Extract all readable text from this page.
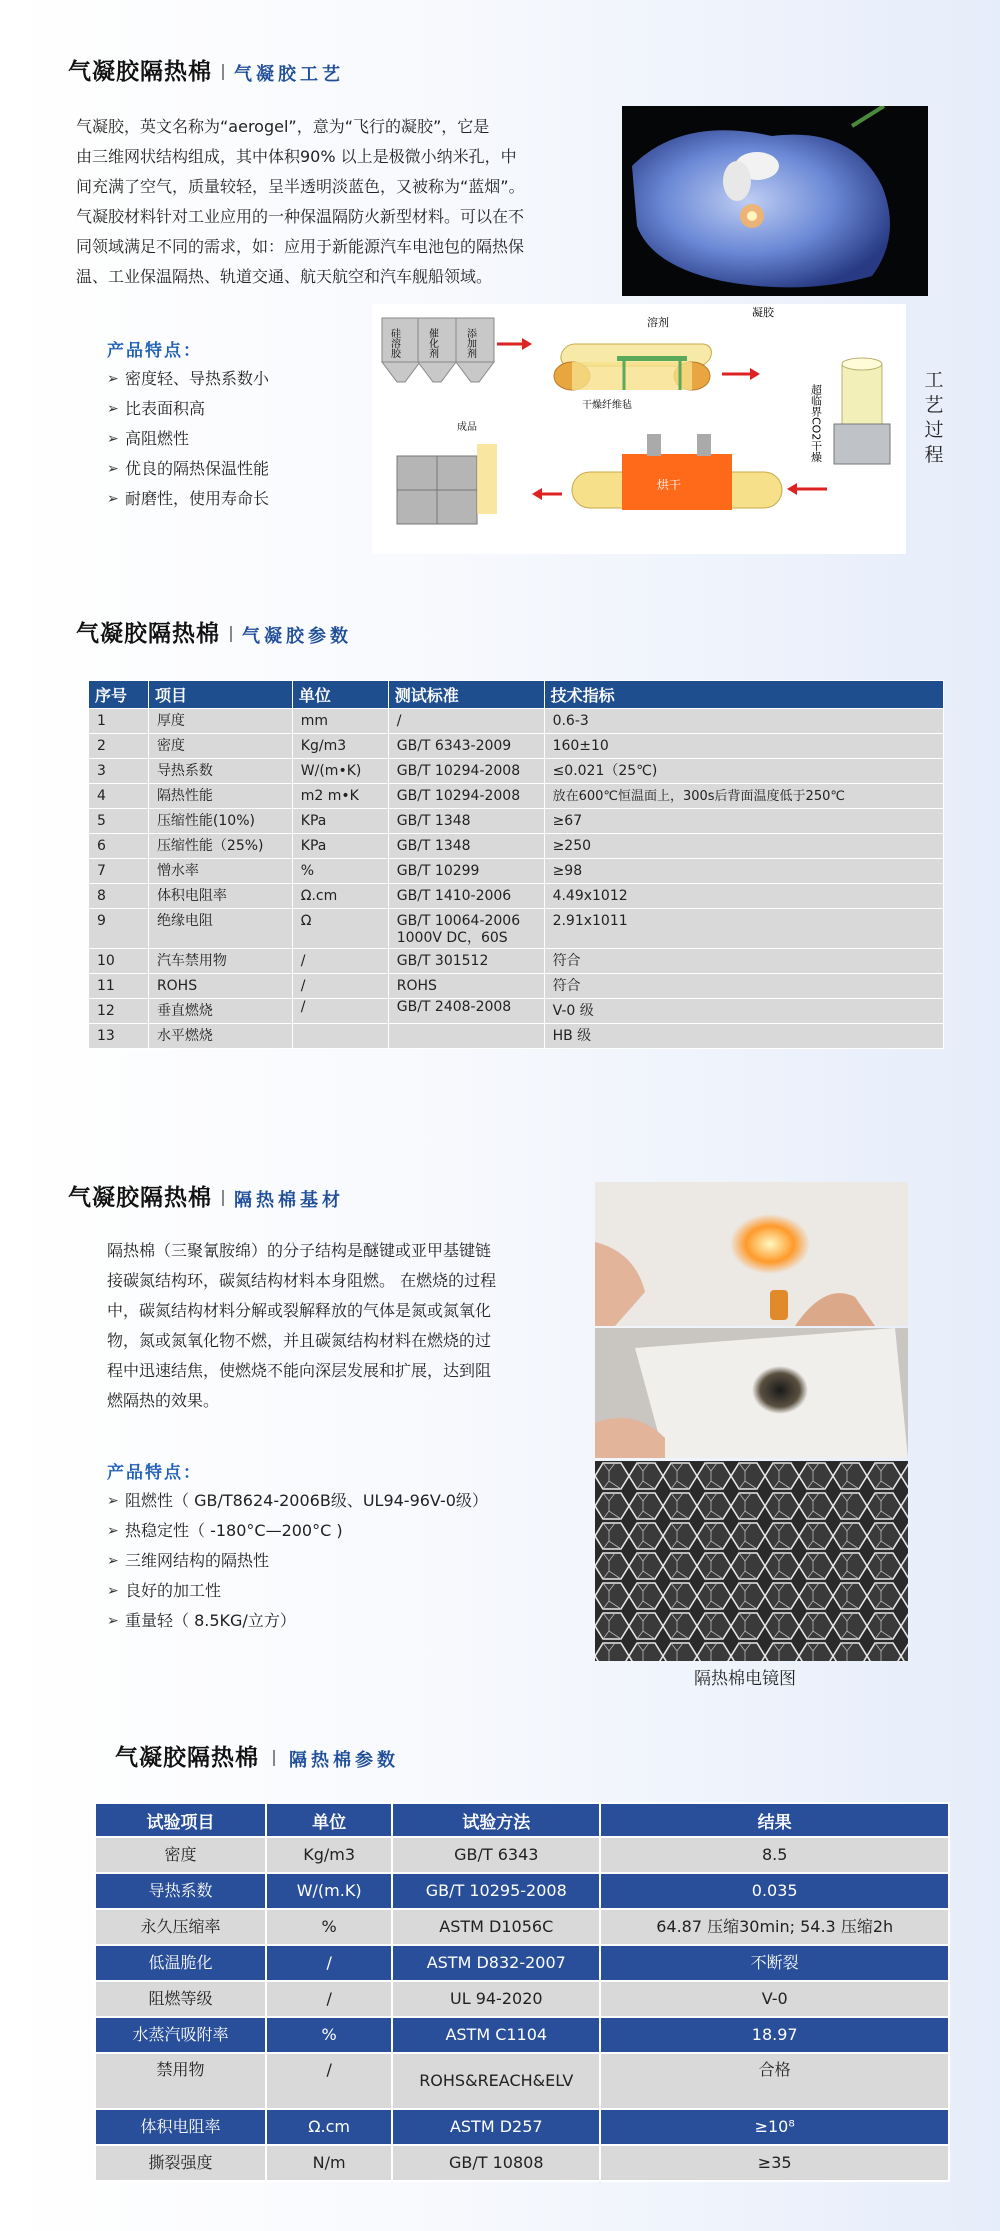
气凝胶隔热棉 气凝胶工艺
气凝胶，英文名称为“aerogel”，意为“飞行的凝胶”，它是
由三维网状结构组成，其中体积90% 以上是极微小纳米孔，中
间充满了空气，质量较轻，呈半透明淡蓝色，又被称为“蓝烟”。
气凝胶材料针对工业应用的一种保温隔防火新型材料。可以在不
同领域满足不同的需求，如：应用于新能源汽车电池包的隔热保
温、工业保温隔热、轨道交通、航天航空和汽车舰船领域。
产品特点：
➢ 密度轻、导热系数小
➢ 比表面积高
➢ 高阻燃性
➢ 优良的隔热保温性能
➢ 耐磨性，使用寿命长
硅溶胶	催化剂	添加剂
溶剂
凝胶
干燥纤维毡	超临界CO2干燥
烘干
成品
工
艺
过
程
气凝胶隔热棉 气凝胶参数
序号	项目	单位	测试标准	技术指标
1	厚度	mm	/	0.6-3
2	密度	Kg/m3	GB/T 6343-2009	160±10
3	导热系数	W/(m•K)	GB/T 10294-2008	≤0.021（25℃)
4	隔热性能	m2 m•K	GB/T 10294-2008	放在600℃恒温面上，300s后背面温度低于250℃
5	压缩性能(10%)	KPa	GB/T 1348	≥67
6	压缩性能（25%)	KPa	GB/T 1348	≥250
7	憎水率	%	GB/T 10299	≥98
8	体积电阻率	Ω.cm	GB/T 1410-2006	4.49x1012
9	绝缘电阻	Ω	GB/T 10064-2006
1000V DC，60S	2.91x1011
10	汽车禁用物	/	GB/T 301512	符合
11	ROHS	/	ROHS	符合
12	垂直燃烧	/	GB/T 2408-2008	V-0 级
13	水平燃烧			HB 级
气凝胶隔热棉 隔热棉基材
隔热棉（三聚氰胺绵）的分子结构是醚键或亚甲基键链
接碳氮结构环，碳氮结构材料本身阻燃。 在燃烧的过程
中，碳氮结构材料分解或裂解释放的气体是氮或氮氧化
物，氮或氮氧化物不燃，并且碳氮结构材料在燃烧的过
程中迅速结焦，使燃烧不能向深层发展和扩展，达到阻
燃隔热的效果。
产品特点：
➢ 阻燃性（ GB/T8624-2006B级、UL94-96V-0级）
➢ 热稳定性（ -180°C—200°C )
➢ 三维网结构的隔热性
➢ 良好的加工性
➢ 重量轻（ 8.5KG/立方）
隔热棉电镜图
气凝胶隔热棉 隔热棉参数
试验项目	单位	试验方法	结果
密度	Kg/m3	GB/T 6343	8.5
导热系数	W/(m.K)	GB/T 10295-2008	0.035
永久压缩率	%	ASTM D1056C	64.87 压缩30min; 54.3 压缩2h
低温脆化	/	ASTM D832-2007	不断裂
阻燃等级	/	UL 94-2020	V-0
水蒸汽吸附率	%	ASTM C1104	18.97
禁用物	/	ROHS&REACH&ELV	合格
体积电阻率	Ω.cm	ASTM D257	≥10⁸
撕裂强度	N/m	GB/T 10808	≥35
